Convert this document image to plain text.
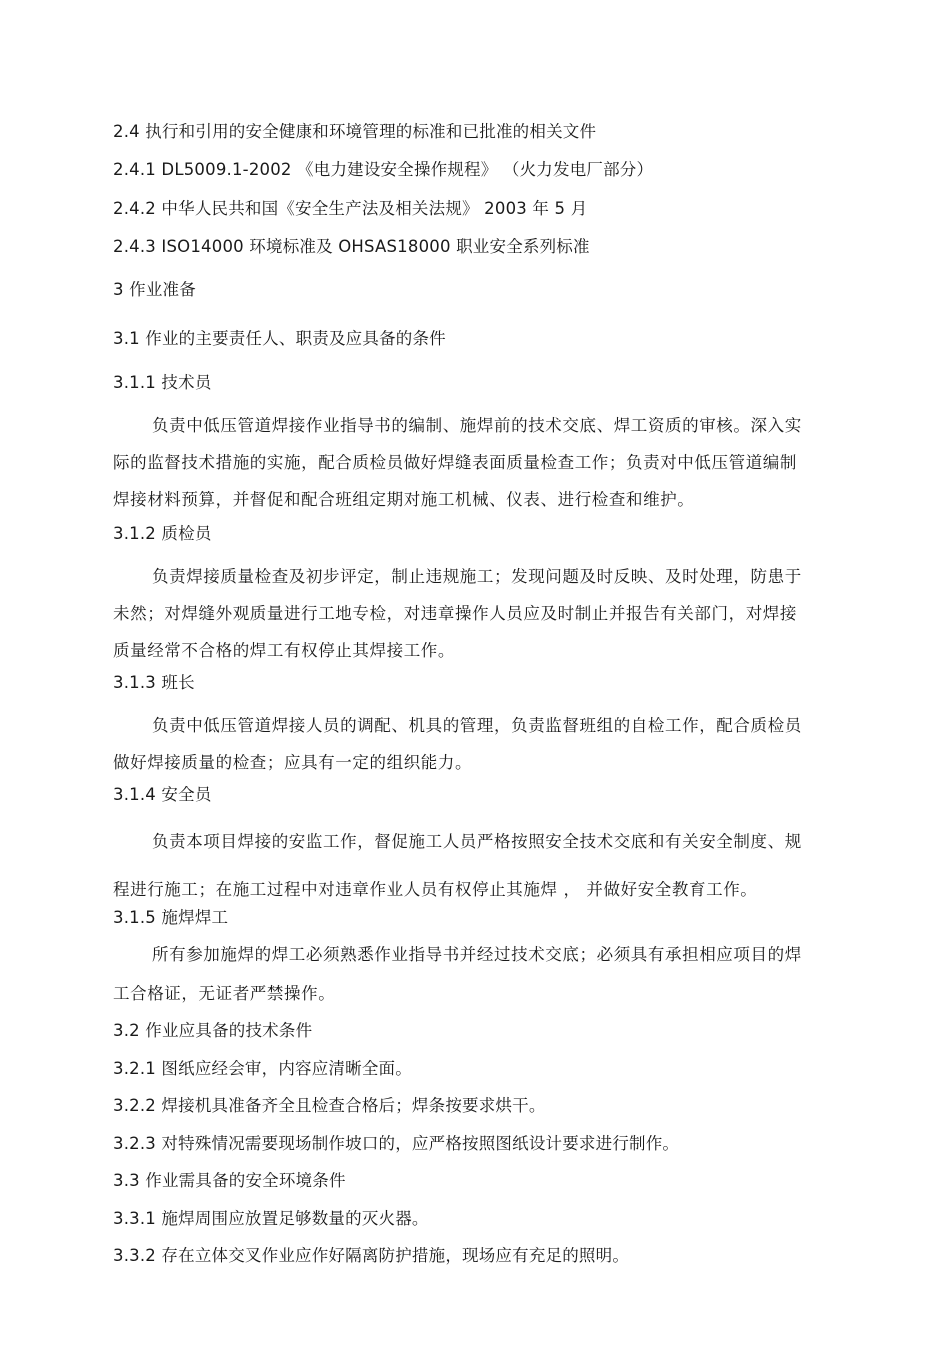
2.4 执行和引用的安全健康和环境管理的标准和已批准的相关文件
2.4.1 DL5009.1-2002 《电力建设安全操作规程》 （火力发电厂部分）
2.4.2 中华人民共和国《安全生产法及相关法规》 2003 年 5 月
2.4.3 ISO14000 环境标准及 OHSAS18000 职业安全系列标准
3 作业准备
3.1 作业的主要责任人、职责及应具备的条件
3.1.1 技术员
负责中低压管道焊接作业指导书的编制、施焊前的技术交底、焊工资质的审核。深入实
际的监督技术措施的实施，配合质检员做好焊缝表面质量检查工作；负责对中低压管道编制
焊接材料预算，并督促和配合班组定期对施工机械、仪表、进行检查和维护。
3.1.2 质检员
负责焊接质量检查及初步评定，制止违规施工；发现问题及时反映、及时处理，防患于
未然；对焊缝外观质量进行工地专检，对违章操作人员应及时制止并报告有关部门，对焊接
质量经常不合格的焊工有权停止其焊接工作。
3.1.3 班长
负责中低压管道焊接人员的调配、机具的管理，负责监督班组的自检工作，配合质检员
做好焊接质量的检查；应具有一定的组织能力。
3.1.4 安全员
负责本项目焊接的安监工作，督促施工人员严格按照安全技术交底和有关安全制度、规
程进行施工；在施工过程中对违章作业人员有权停止其施焊 ， 并做好安全教育工作。
3.1.5 施焊焊工
所有参加施焊的焊工必须熟悉作业指导书并经过技术交底；必须具有承担相应项目的焊
工合格证，无证者严禁操作。
3.2 作业应具备的技术条件
3.2.1 图纸应经会审，内容应清晰全面。
3.2.2 焊接机具准备齐全且检查合格后；焊条按要求烘干。
3.2.3 对特殊情况需要现场制作坡口的，应严格按照图纸设计要求进行制作。
3.3 作业需具备的安全环境条件
3.3.1 施焊周围应放置足够数量的灭火器。
3.3.2 存在立体交叉作业应作好隔离防护措施，现场应有充足的照明。
